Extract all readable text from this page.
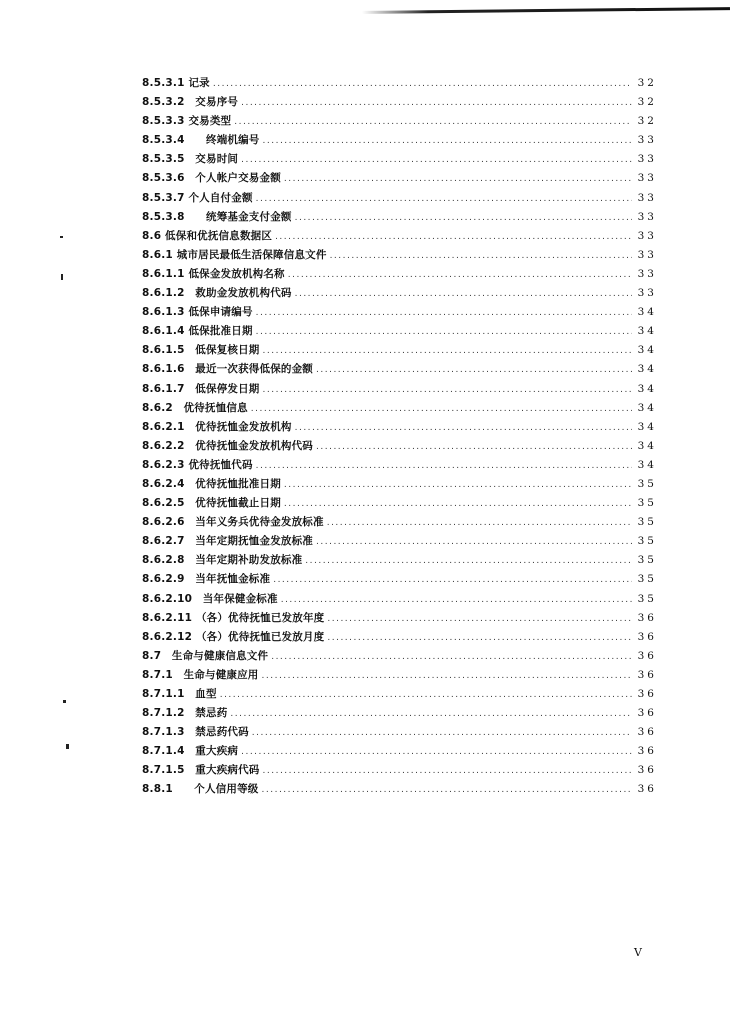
8.5.3.1 记录 .....	32
8.5.3.2　交易序号 .....	32
8.5.3.3 交易类型 .....	32
8.5.3.4　　终端机编号 .....	33
8.5.3.5　交易时间 .....	33
8.5.3.6　个人帐户交易金额 .....	33
8.5.3.7 个人自付金额 .....	33
8.5.3.8　　统筹基金支付金额 .....	33
8.6 低保和优抚信息数据区 .....	33
8.6.1 城市居民最低生活保障信息文件 .....	33
8.6.1.1 低保金发放机构名称 .....	33
8.6.1.2　救助金发放机构代码 .....	33
8.6.1.3 低保申请编号 .....	34
8.6.1.4 低保批准日期 .....	34
8.6.1.5　低保复核日期 .....	34
8.6.1.6　最近一次获得低保的金额 .....	34
8.6.1.7　低保停发日期 .....	34
8.6.2　优待抚恤信息 .....	34
8.6.2.1　优待抚恤金发放机构 .....	34
8.6.2.2　优待抚恤金发放机构代码 .....	34
8.6.2.3 优待抚恤代码 .....	34
8.6.2.4　优待抚恤批准日期 .....	35
8.6.2.5　优待抚恤截止日期 .....	35
8.6.2.6　当年义务兵优待金发放标准 .....	35
8.6.2.7　当年定期抚恤金发放标准 .....	35
8.6.2.8　当年定期补助发放标准 .....	35
8.6.2.9　当年抚恤金标准 .....	35
8.6.2.10　当年保健金标准 .....	35
8.6.2.11 （各）优待抚恤已发放年度 .....	36
8.6.2.12 （各）优待抚恤已发放月度 .....	36
8.7　生命与健康信息文件 .....	36
8.7.1　生命与健康应用 .....	36
8.7.1.1　血型 .....	36
8.7.1.2　禁忌药 .....	36
8.7.1.3　禁忌药代码 .....	36
8.7.1.4　重大疾病 .....	36
8.7.1.5　重大疾病代码 .....	36
8.8.1　　个人信用等级 .....	36
V
